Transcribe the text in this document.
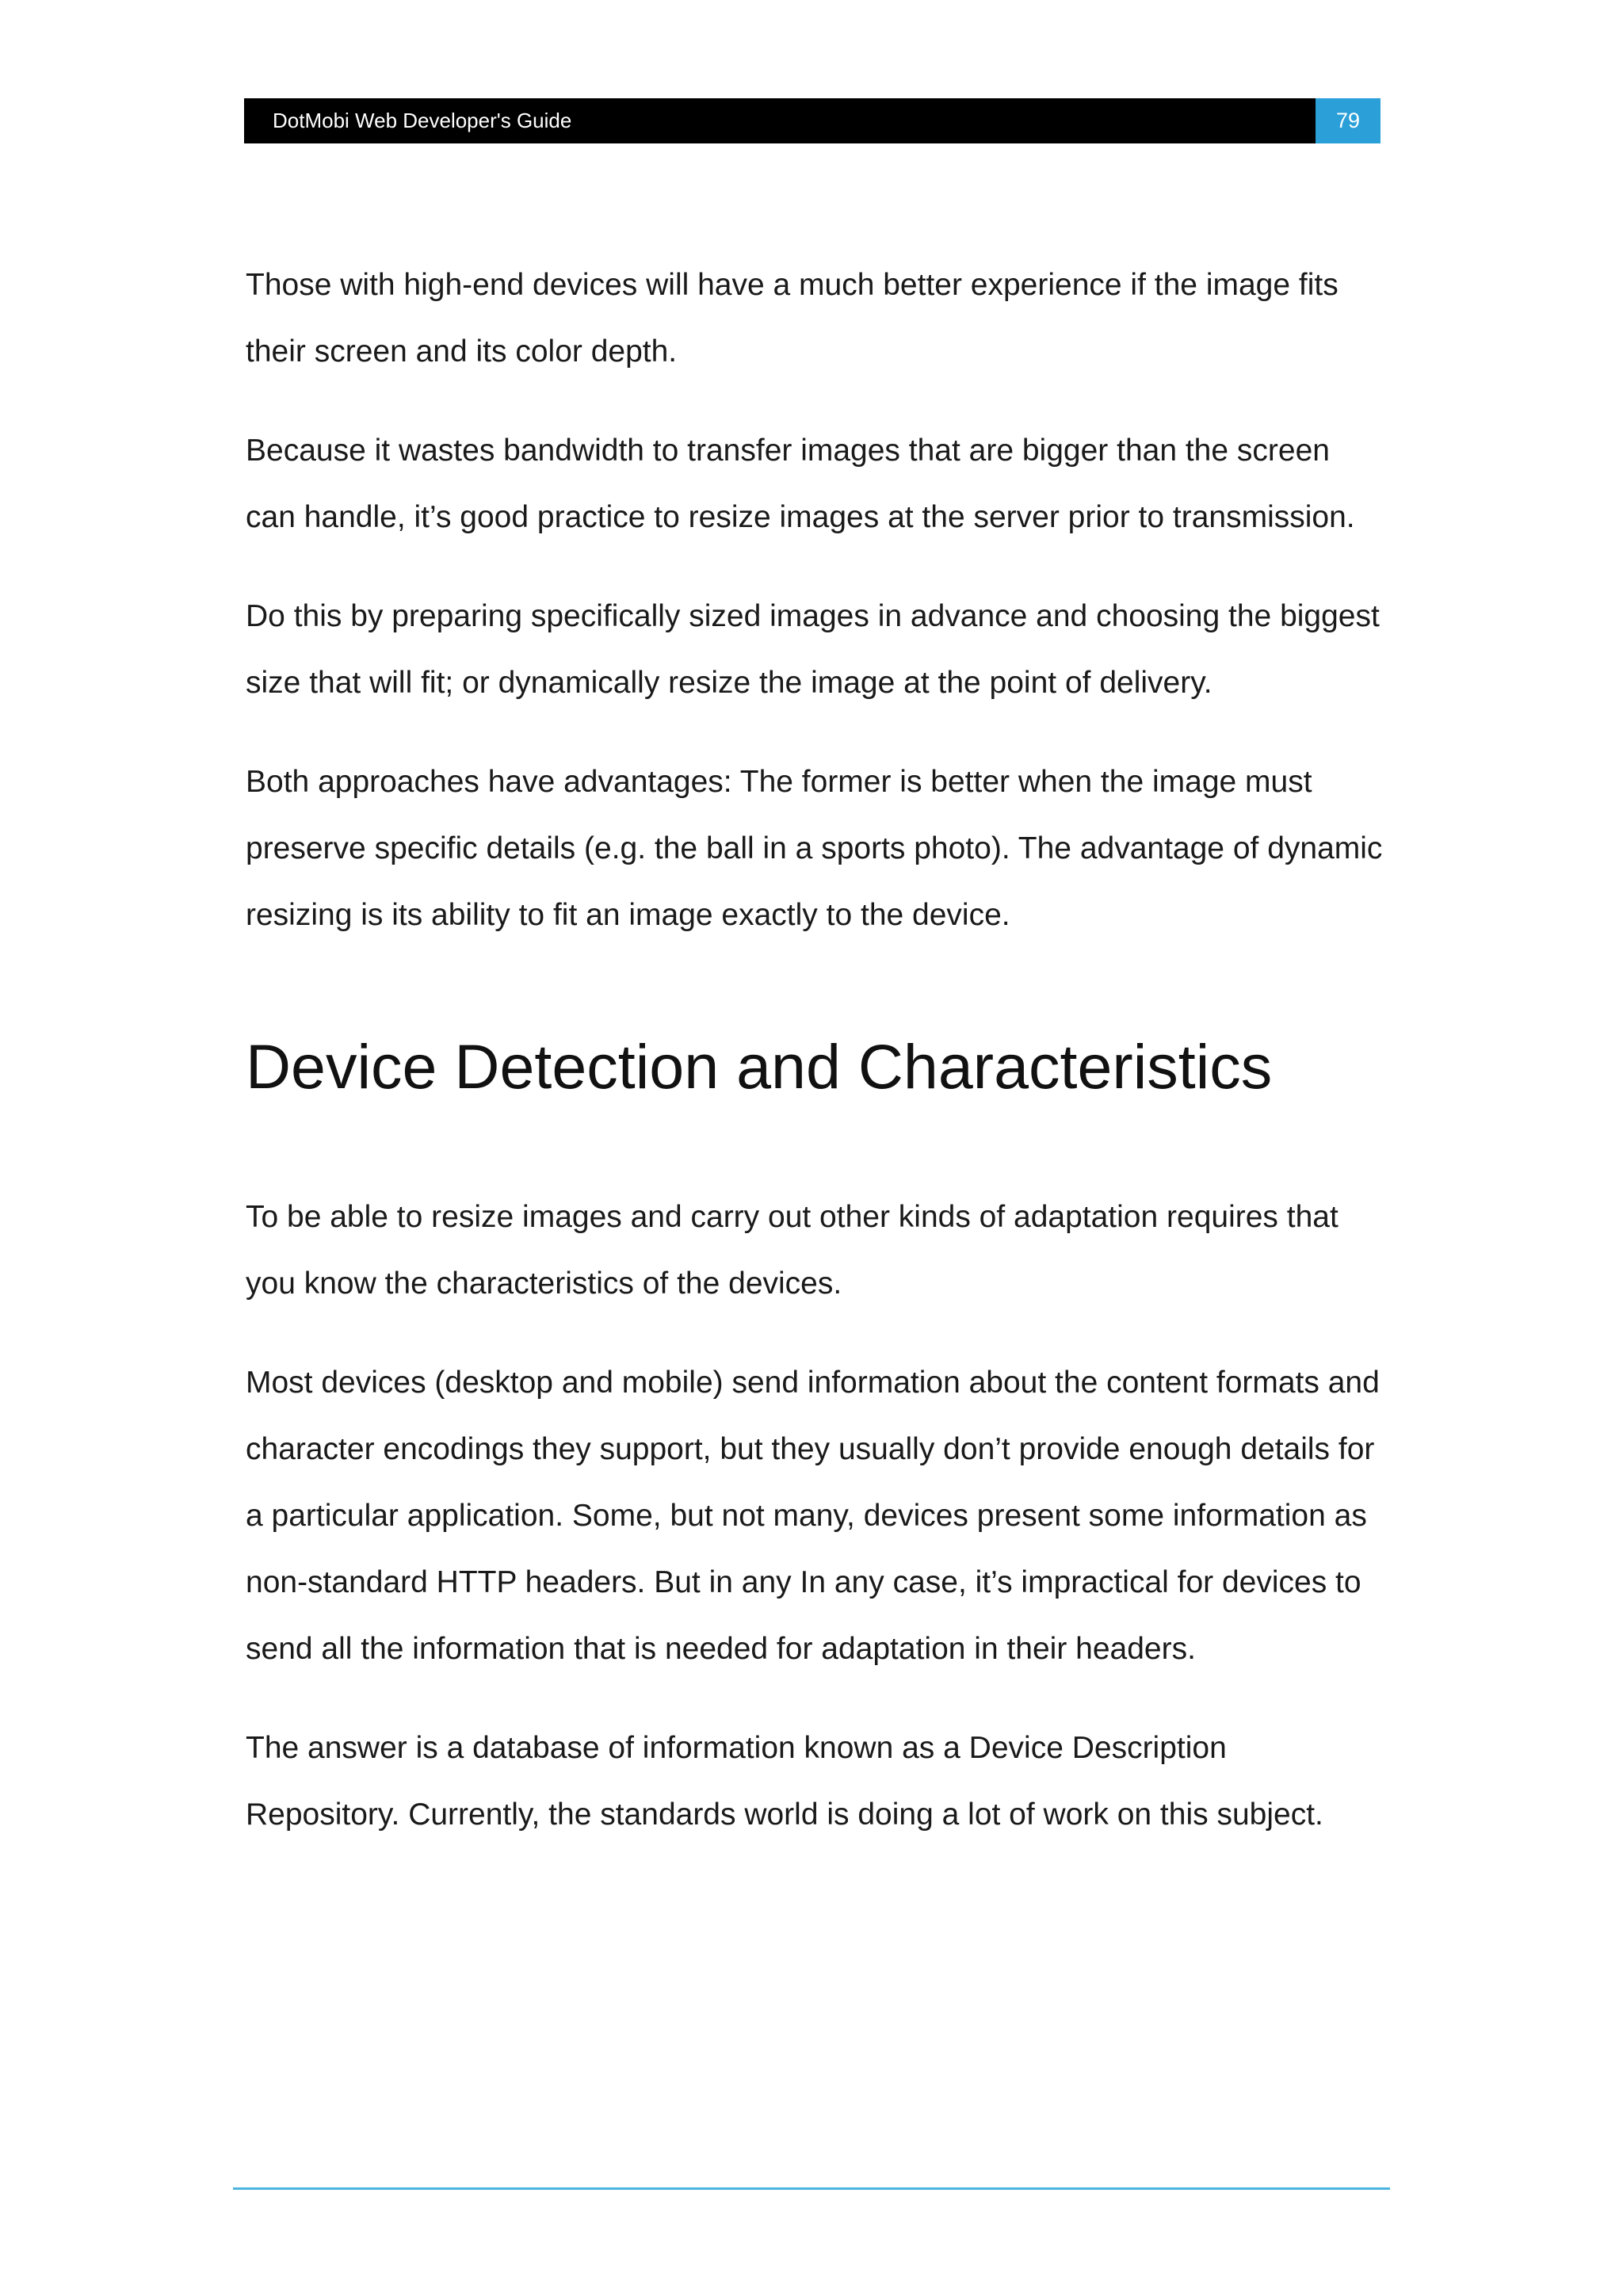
DotMobi Web Developer's Guide	79

Those with high-end devices will have a much better experience if the image fits their screen and its color depth.

Because it wastes bandwidth to transfer images that are bigger than the screen can handle, it’s good practice to resize images at the server prior to transmission.

Do this by preparing specifically sized images in advance and choosing the biggest size that will fit; or dynamically resize the image at the point of delivery.

Both approaches have advantages: The former is better when the image must preserve specific details (e.g. the ball in a sports photo). The advantage of dynamic resizing is its ability to fit an image exactly to the device.

Device Detection and Characteristics

To be able to resize images and carry out other kinds of adaptation requires that you know the characteristics of the devices.

Most devices (desktop and mobile) send information about the content formats and character encodings they support, but they usually don’t provide enough details for a particular application. Some, but not many, devices present some information as non-standard HTTP headers. But in any In any case, it’s impractical for devices to send all the information that is needed for adaptation in their headers.

The answer is a database of information known as a Device Description Repository. Currently, the standards world is doing a lot of work on this subject.
